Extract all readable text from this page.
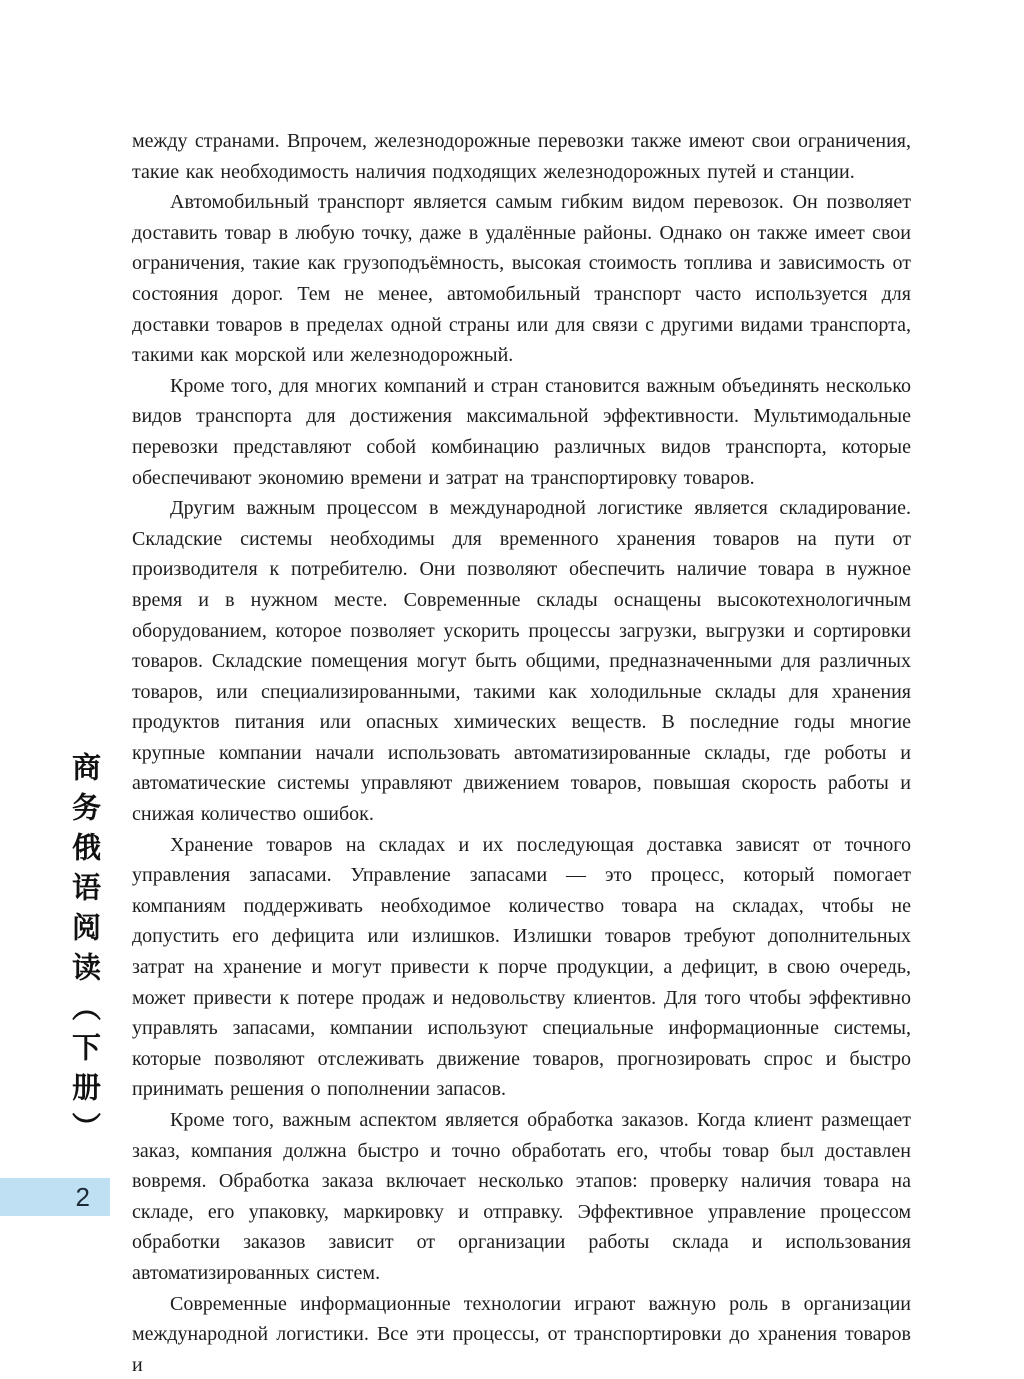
между странами. Впрочем, железнодорожные перевозки также имеют свои ограничения, такие как необходимость наличия подходящих железнодорожных путей и станции.

Автомобильный транспорт является самым гибким видом перевозок. Он позволяет доставить товар в любую точку, даже в удалённые районы. Однако он также имеет свои ограничения, такие как грузоподъёмность, высокая стоимость топлива и зависимость от состояния дорог. Тем не менее, автомобильный транспорт часто используется для доставки товаров в пределах одной страны или для связи с другими видами транспорта, такими как морской или железнодорожный.

Кроме того, для многих компаний и стран становится важным объединять несколько видов транспорта для достижения максимальной эффективности. Мультимодальные перевозки представляют собой комбинацию различных видов транспорта, которые обеспечивают экономию времени и затрат на транспортировку товаров.

Другим важным процессом в международной логистике является складирование. Складские системы необходимы для временного хранения товаров на пути от производителя к потребителю. Они позволяют обеспечить наличие товара в нужное время и в нужном месте. Современные склады оснащены высокотехнологичным оборудованием, которое позволяет ускорить процессы загрузки, выгрузки и сортировки товаров. Складские помещения могут быть общими, предназначенными для различных товаров, или специализированными, такими как холодильные склады для хранения продуктов питания или опасных химических веществ. В последние годы многие крупные компании начали использовать автоматизированные склады, где роботы и автоматические системы управляют движением товаров, повышая скорость работы и снижая количество ошибок.

Хранение товаров на складах и их последующая доставка зависят от точного управления запасами. Управление запасами — это процесс, который помогает компаниям поддерживать необходимое количество товара на складах, чтобы не допустить его дефицита или излишков. Излишки товаров требуют дополнительных затрат на хранение и могут привести к порче продукции, а дефицит, в свою очередь, может привести к потере продаж и недовольству клиентов. Для того чтобы эффективно управлять запасами, компании используют специальные информационные системы, которые позволяют отслеживать движение товаров, прогнозировать спрос и быстро принимать решения о пополнении запасов.

Кроме того, важным аспектом является обработка заказов. Когда клиент размещает заказ, компания должна быстро и точно обработать его, чтобы товар был доставлен вовремя. Обработка заказа включает несколько этапов: проверку наличия товара на складе, его упаковку, маркировку и отправку. Эффективное управление процессом обработки заказов зависит от организации работы склада и использования автоматизированных систем.

Современные информационные технологии играют важную роль в организации международной логистики. Все эти процессы, от транспортировки до хранения товаров и

商务俄语阅读（下册）
2
